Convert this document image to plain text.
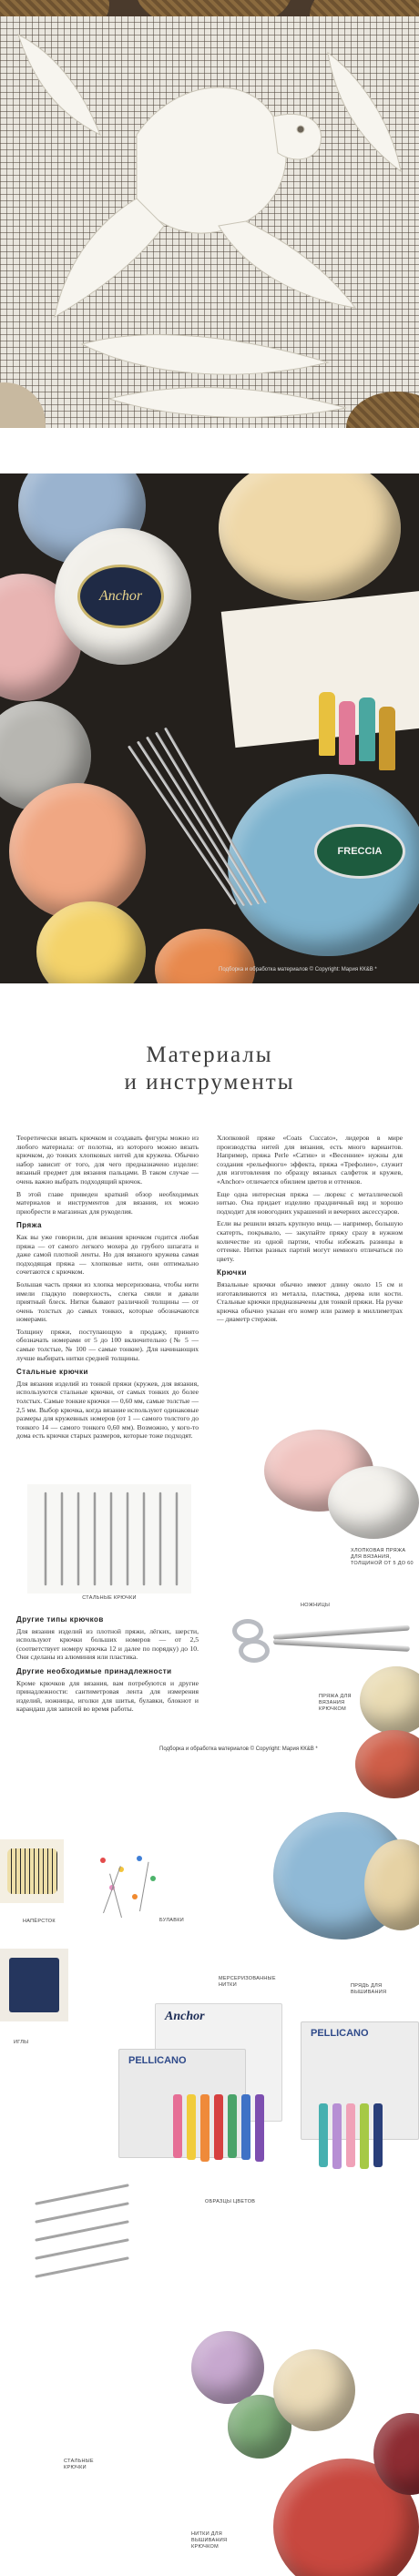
Anchor
FRECCIA
Подборка и обработка материалов © Copyright: Мария КК&В *
Материалы
и инструменты

Теоретически вязать крючком и создавать фигуры можно из любого материала: от полотна, из которого можно вязать крючком, до тонких хлопковых нитей для кружева. Обычно набор зависит от того, для чего предназначено изделие: вязаный предмет для вязания пальцами. В таком случае — очень важно выбрать подходящий крючок.

В этой главе приведен краткий обзор необходимых материалов и инструментов для вязания, их можно приобрести в магазинах для рукоделия.

Пряжа

Как вы уже говорили, для вязания крючком годится любая пряжа — от самого легкого мохера до грубого шпагата и даже самой плотной ленты. Но для вязаного кружева самая подходящая пряжа — хлопковые нити, они оптимально сочетаются с крючком.

Большая часть пряжи из хлопка мерсеризована, чтобы нити имели гладкую поверхность, слегка сияли и давали приятный блеск. Нитки бывают различной толщины — от очень толстых до самых тонких, которые обозначаются номерами.

Толщину пряжи, поступающую в продажу, принято обозначать номерами от 5 до 100 включительно (№ 5 — самые толстые, № 100 — самые тонкие). Для начинающих лучше выбирать нитки средней толщины.

Стальные крючки

Для вязания изделий из тонкой пряжи (кружев, для вязания, используются стальные крючки, от самых тонких до более толстых. Самые тонкие крючки — 0,60 мм, самые толстые — 2,5 мм. Выбор крючка, когда вязание используют одинаковые размеры для кружевных номеров (от 1 — самого толстого до тонкого 14 — самого тонкого 0,60 мм). Возможно, у кого-то дома есть крючки старых размеров, которые тоже подходят.

СТАЛЬНЫЕ КРЮЧКИ
Другие типы крючков

Для вязания изделий из плотной пряжи, лёгких, шерсти, используют крючки больших номеров — от 2,5 (соответствует номеру крючка 12 и далее по порядку) до 10. Они сделаны из алюминия или пластика.

Другие необходимые принадлежности

Кроме крючков для вязания, вам потребуются и другие принадлежности: сантиметровая лента для измерения изделий, ножницы, иголки для шитья, булавки, блокнот и карандаш для записей во время работы.

Хлопковой пряже «Coats Cuccato», лидеров в мире производства нитей для вязания, есть много вариантов. Например, пряжа Perle «Сатин» и «Весенние» нужны для создания «рельефного» эффекта, пряжа «Трефолио», служит для изготовления по образцу вязаных салфеток и кружев, «Anchor» отличается обилием цветов и оттенков.

Еще одна интересная пряжа — люрекс с металлической нитью. Она придает изделию праздничный вид и хорошо подходит для новогодних украшений и вечерних аксессуаров.

Если вы решили вязать крупную вещь — например, большую скатерть, покрывало, — закупайте пряжу сразу в нужном количестве из одной партии, чтобы избежать разницы в оттенке. Нитки разных партий могут немного отличаться по цвету.

Крючки

Вязальные крючки обычно имеют длину около 15 см и изготавливаются из металла, пластика, дерева или кости. Стальные крючки предназначены для тонкой пряжи. На ручке крючка обычно указан его номер или размер в миллиметрах — диаметр стержня.

ХЛОПКОВАЯ ПРЯЖА ДЛЯ ВЯЗАНИЯ, ТОЛЩИНОЙ ОТ 5 ДО 60
НОЖНИЦЫ
ПРЯЖА ДЛЯ ВЯЗАНИЯ КРЮЧКОМ
Подборка и обработка материалов © Copyright: Мария КК&В *
НАПЁРСТОК	БУЛАВКИ
МЕРСЕРИЗОВАННЫЕ НИТКИ
ИГЛЫ
Anchor
PELLICANO
PELLICANO
ПРЯДЬ ДЛЯ ВЫШИВАНИЯ
ОБРАЗЦЫ ЦВЕТОВ
СТАЛЬНЫЕ КРЮЧКИ
НИТКИ ДЛЯ ВЫШИВАНИЯ КРЮЧКОМ
